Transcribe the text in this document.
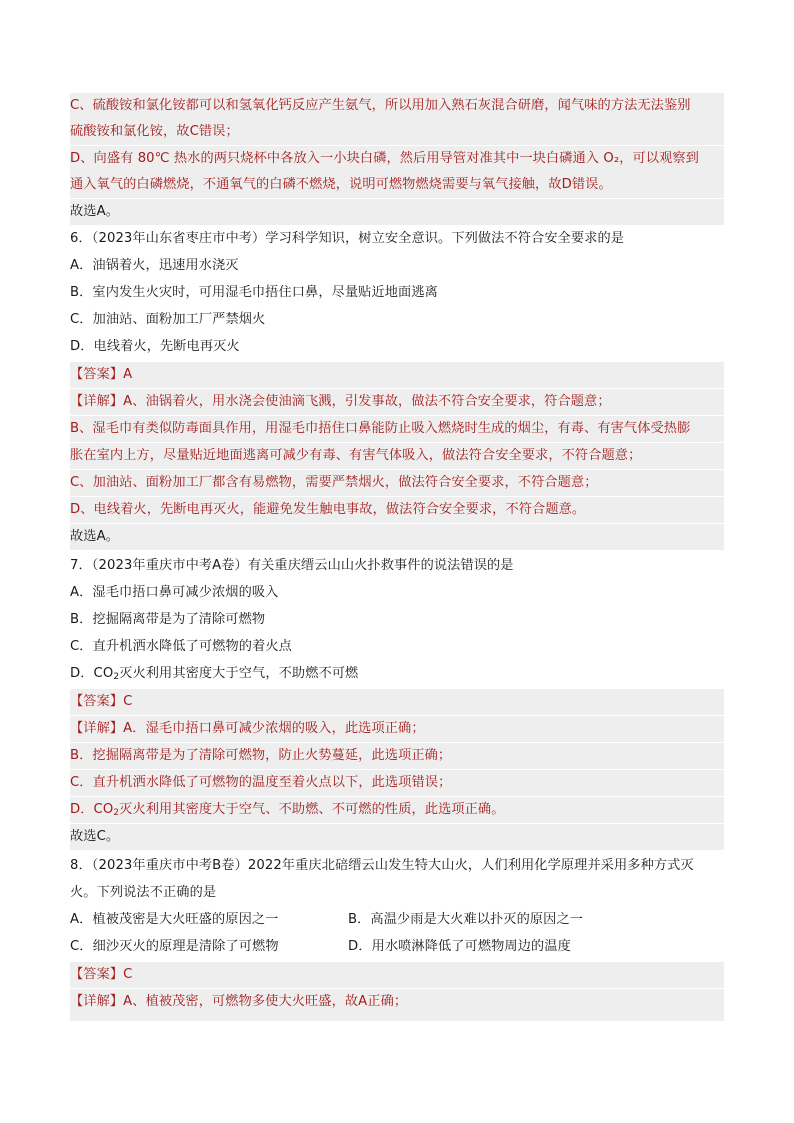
C、硫酸铵和氯化铵都可以和氢氧化钙反应产生氨气，所以用加入熟石灰混合研磨，闻气味的方法无法鉴别
硫酸铵和氯化铵，故C错误；
D、向盛有 80℃ 热水的两只烧杯中各放入一小块白磷，然后用导管对准其中一块白磷通入 O₂，可以观察到
通入氧气的白磷燃烧，不通氧气的白磷不燃烧，说明可燃物燃烧需要与氧气接触，故D错误。
故选A。
6．（2023年山东省枣庄市中考）学习科学知识，树立安全意识。下列做法不符合安全要求的是
A．油锅着火，迅速用水浇灭
B．室内发生火灾时，可用湿毛巾捂住口鼻，尽量贴近地面逃离
C．加油站、面粉加工厂严禁烟火
D．电线着火，先断电再灭火
【答案】A
【详解】A、油锅着火，用水浇会使油滴飞溅，引发事故，做法不符合安全要求，符合题意；
B、湿毛巾有类似防毒面具作用，用湿毛巾捂住口鼻能防止吸入燃烧时生成的烟尘，有毒、有害气体受热膨
胀在室内上方，尽量贴近地面逃离可减少有毒、有害气体吸入，做法符合安全要求，不符合题意；
C、加油站、面粉加工厂都含有易燃物，需要严禁烟火，做法符合安全要求，不符合题意；
D、电线着火，先断电再灭火，能避免发生触电事故，做法符合安全要求，不符合题意。
故选A。
7．（2023年重庆市中考A卷）有关重庆缙云山山火扑救事件的说法错误的是
A．湿毛巾捂口鼻可减少浓烟的吸入
B．挖掘隔离带是为了清除可燃物
C．直升机洒水降低了可燃物的着火点
D．$CO_2$灭火利用其密度大于空气，不助燃不可燃
【答案】C
【详解】A．湿毛巾捂口鼻可减少浓烟的吸入，此选项正确；
B．挖掘隔离带是为了清除可燃物，防止火势蔓延，此选项正确；
C．直升机洒水降低了可燃物的温度至着火点以下，此选项错误；
D．$CO_2$灭火利用其密度大于空气、不助燃、不可燃的性质，此选项正确。
故选C。
8．（2023年重庆市中考B卷）2022年重庆北碚缙云山发生特大山火，人们利用化学原理并采用多种方式灭
火。下列说法不正确的是
A．植被茂密是大火旺盛的原因之一	B．高温少雨是大火难以扑灭的原因之一
C．细沙灭火的原理是清除了可燃物	D．用水喷淋降低了可燃物周边的温度
【答案】C
【详解】A、植被茂密，可燃物多使大火旺盛，故A正确；
